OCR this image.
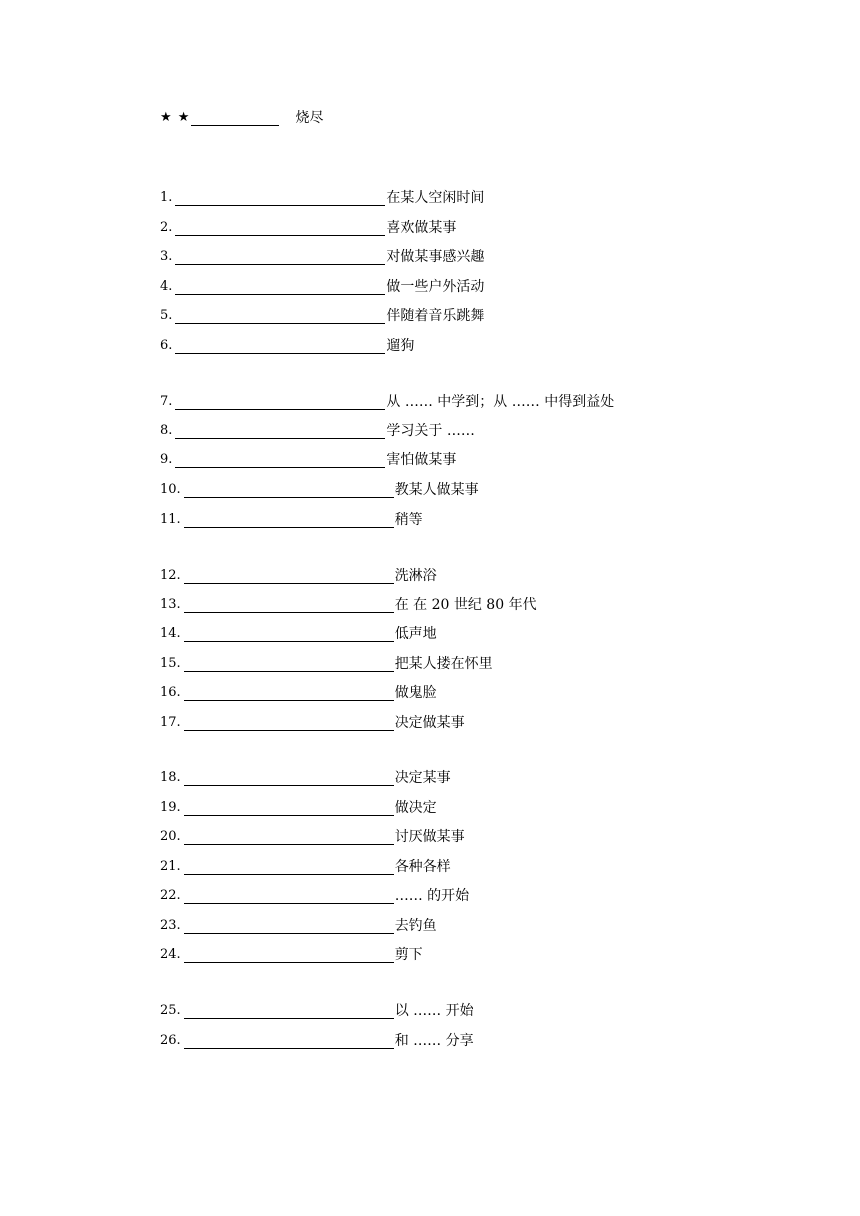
★ ★	烧尽
1.	在某人空闲时间
2.	喜欢做某事
3.	对做某事感兴趣
4.	做一些户外活动
5.	伴随着音乐跳舞
6.	遛狗
7.	从 …… 中学到；从 …… 中得到益处
8.	学习关于 ……
9.	害怕做某事
10.	教某人做某事
11.	稍等
12.	洗淋浴
13.	在 在 20 世纪 80 年代
14.	低声地
15.	把某人搂在怀里
16.	做鬼脸
17.	决定做某事
18.	决定某事
19.	做决定
20.	讨厌做某事
21.	各种各样
22.	…… 的开始
23.	去钓鱼
24.	剪下
25.	以 …… 开始
26.	和 …… 分享
